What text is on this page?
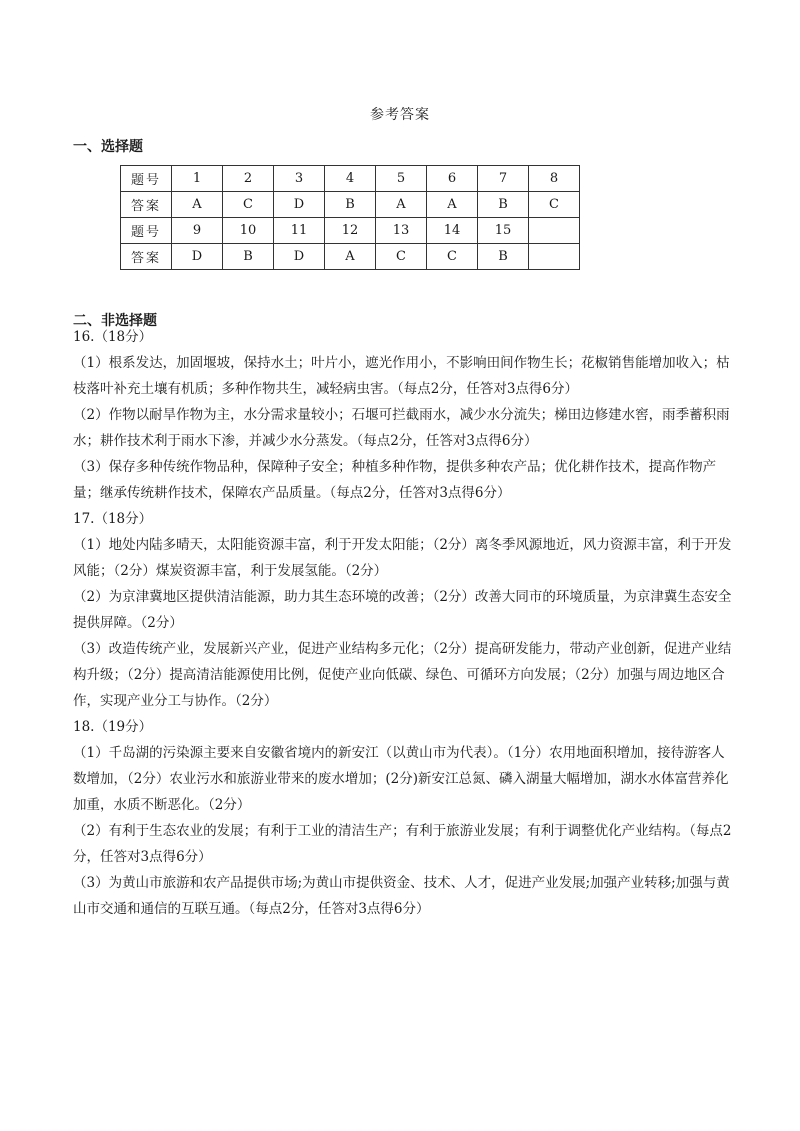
参考答案
一、选择题
题号	1	2	3	4	5	6	7	8
答案	A	C	D	B	A	A	B	C
题号	9	10	11	12	13	14	15	
答案	D	B	D	A	C	C	B	
二、非选择题

16.（18分）

（1）根系发达，加固堰坡，保持水土；叶片小，遮光作用小，不影响田间作物生长；花椒销售能增加收入；枯枝落叶补充土壤有机质；多种作物共生，减轻病虫害。（每点2分，任答对3点得6分）

（2）作物以耐旱作物为主，水分需求量较小；石堰可拦截雨水，减少水分流失；梯田边修建水窖，雨季蓄积雨水；耕作技术利于雨水下渗，并减少水分蒸发。（每点2分，任答对3点得6分）

（3）保存多种传统作物品种，保障种子安全；种植多种作物，提供多种农产品；优化耕作技术，提高作物产量；继承传统耕作技术，保障农产品质量。（每点2分，任答对3点得6分）

17.（18分）

（1）地处内陆多晴天，太阳能资源丰富，利于开发太阳能；（2分）离冬季风源地近，风力资源丰富，利于开发风能；（2分）煤炭资源丰富，利于发展氢能。（2分）

（2）为京津冀地区提供清洁能源，助力其生态环境的改善；（2分）改善大同市的环境质量，为京津冀生态安全提供屏障。（2分）

（3）改造传统产业，发展新兴产业，促进产业结构多元化；（2分）提高研发能力，带动产业创新，促进产业结构升级；（2分）提高清洁能源使用比例，促使产业向低碳、绿色、可循环方向发展；（2分）加强与周边地区合作，实现产业分工与协作。（2分）

18.（19分）

（1）千岛湖的污染源主要来自安徽省境内的新安江（以黄山市为代表）。（1分）农用地面积增加，接待游客人数增加，（2分）农业污水和旅游业带来的废水增加；(2分)新安江总氮、磷入湖量大幅增加，湖水水体富营养化加重，水质不断恶化。（2分）

（2）有利于生态农业的发展；有利于工业的清洁生产；有利于旅游业发展；有利于调整优化产业结构。（每点2分，任答对3点得6分）

（3）为黄山市旅游和农产品提供市场;为黄山市提供资金、技术、人才，促进产业发展;加强产业转移;加强与黄山市交通和通信的互联互通。（每点2分，任答对3点得6分）
